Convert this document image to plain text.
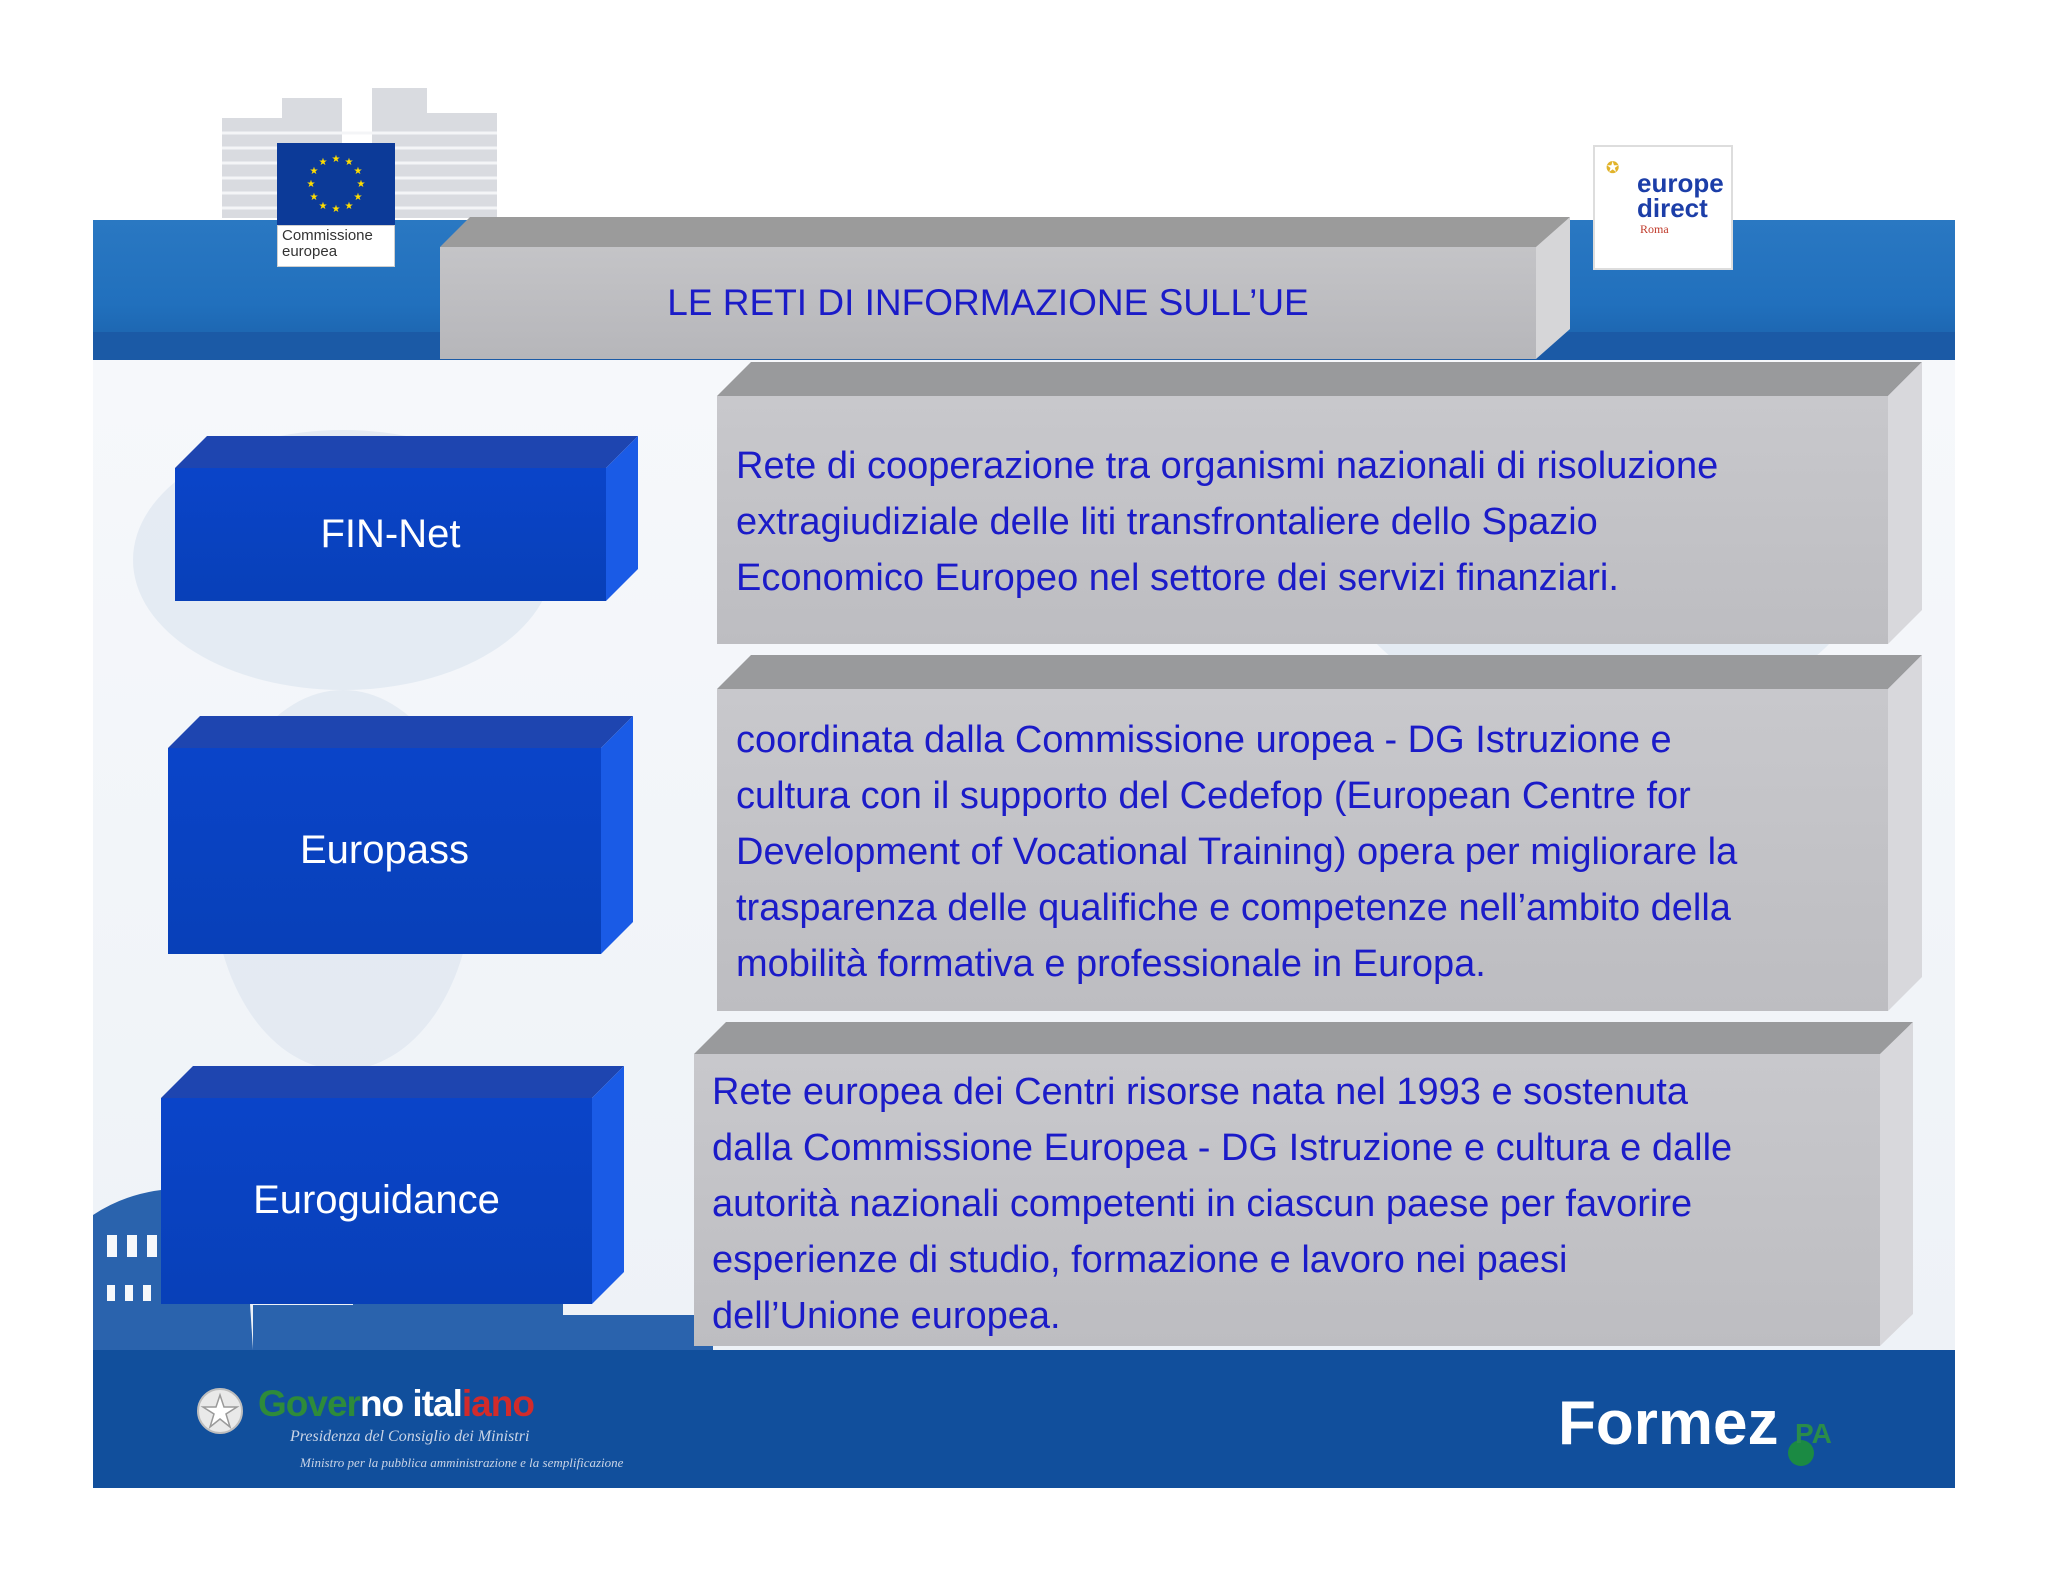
★ ★
★
★
★
★
★
★
★
★
★
★
Commissione europea
✪ europe
direct
Roma
LE RETI DI INFORMAZIONE SULL’UE
FIN-Net
Rete di cooperazione tra organismi nazionali di risoluzione
extragiudiziale delle liti transfrontaliere dello Spazio
Economico Europeo nel settore dei servizi finanziari.
Europass
coordinata dalla Commissione uropea - DG Istruzione e
cultura con il supporto del Cedefop (European Centre for
Development of Vocational Training) opera per migliorare la
trasparenza delle qualifiche e competenze nell’ambito della
mobilità formativa e professionale in Europa.
Euroguidance
Rete europea dei Centri risorse nata nel 1993 e sostenuta
dalla Commissione Europea - DG Istruzione e cultura e dalle
autorità nazionali competenti in ciascun paese per favorire
esperienze di studio, formazione e lavoro nei paesi
dell’Unione europea.
Governo italiano
Presidenza del Consiglio dei Ministri
Ministro per la pubblica amministrazione e la semplificazione
Formez PA
